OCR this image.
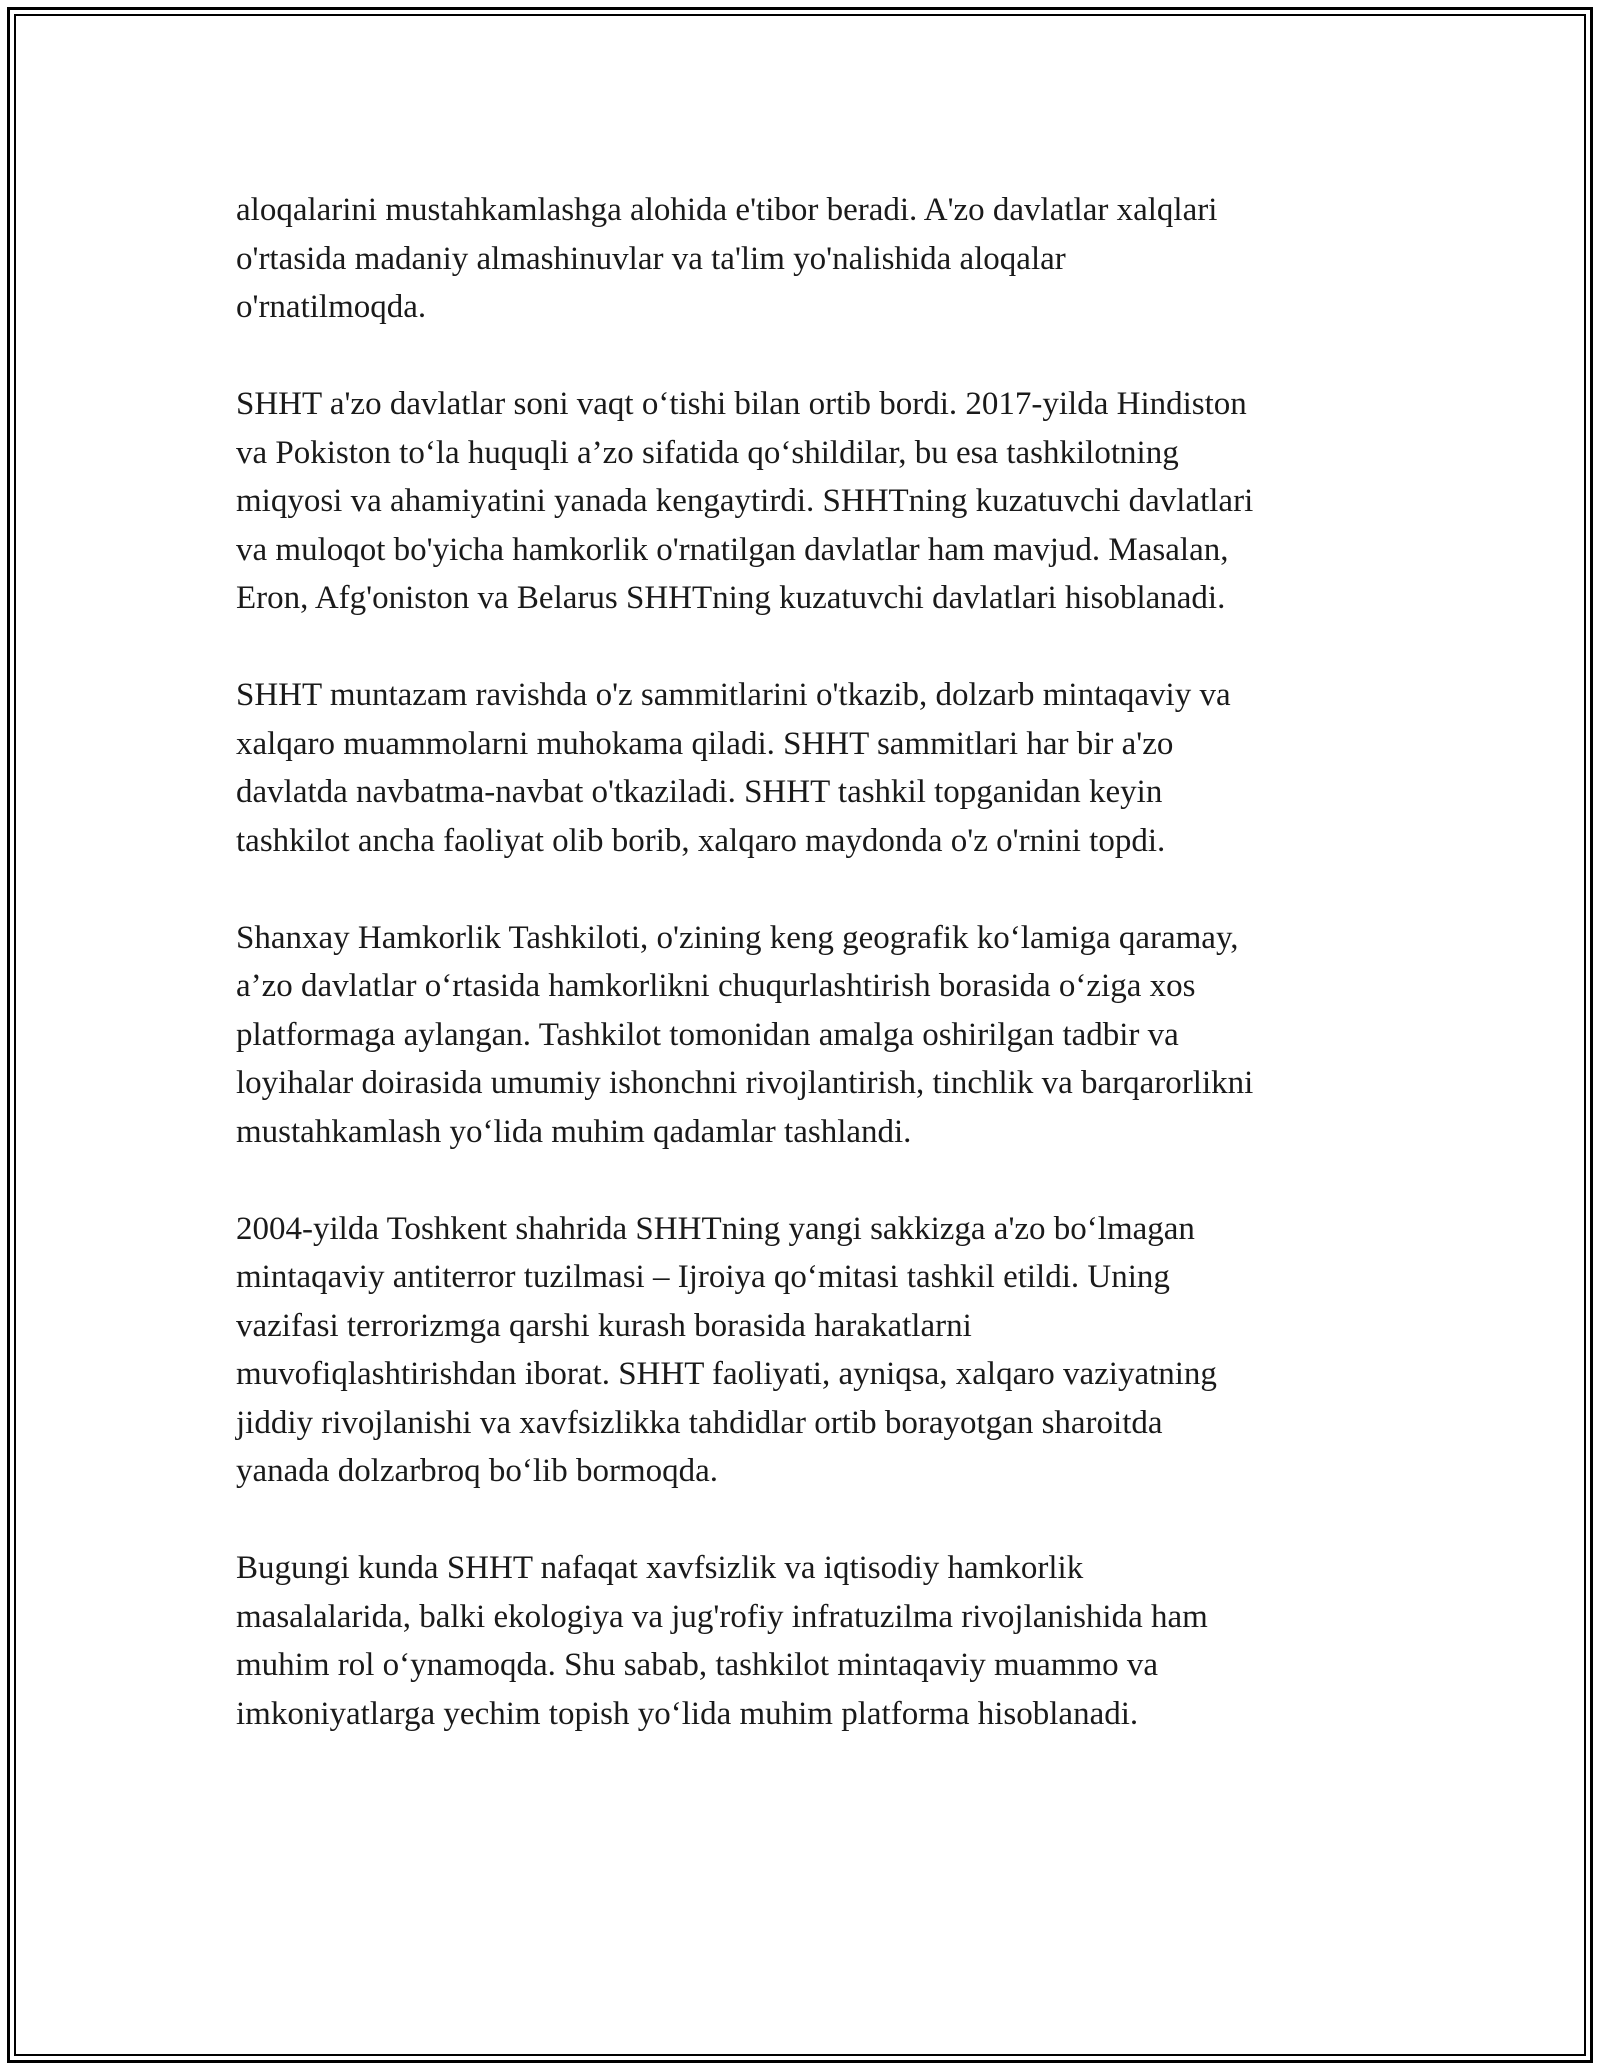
aloqalarini mustahkamlashga alohida e'tibor beradi. A'zo davlatlar xalqlari
o'rtasida madaniy almashinuvlar va ta'lim yo'nalishida aloqalar
o'rnatilmoqda.

SHHT a'zo davlatlar soni vaqt o‘tishi bilan ortib bordi. 2017-yilda Hindiston
va Pokiston to‘la huquqli a’zo sifatida qo‘shildilar, bu esa tashkilotning
miqyosi va ahamiyatini yanada kengaytirdi. SHHTning kuzatuvchi davlatlari
va muloqot bo'yicha hamkorlik o'rnatilgan davlatlar ham mavjud. Masalan,
Eron, Afg'oniston va Belarus SHHTning kuzatuvchi davlatlari hisoblanadi.

SHHT muntazam ravishda o'z sammitlarini o'tkazib, dolzarb mintaqaviy va
xalqaro muammolarni muhokama qiladi. SHHT sammitlari har bir a'zo
davlatda navbatma-navbat o'tkaziladi. SHHT tashkil topganidan keyin
tashkilot ancha faoliyat olib borib, xalqaro maydonda o'z o'rnini topdi.

Shanxay Hamkorlik Tashkiloti, o'zining keng geografik ko‘lamiga qaramay,
a’zo davlatlar o‘rtasida hamkorlikni chuqurlashtirish borasida o‘ziga xos
platformaga aylangan. Tashkilot tomonidan amalga oshirilgan tadbir va
loyihalar doirasida umumiy ishonchni rivojlantirish, tinchlik va barqarorlikni
mustahkamlash yo‘lida muhim qadamlar tashlandi.

2004-yilda Toshkent shahrida SHHTning yangi sakkizga a'zo bo‘lmagan
mintaqaviy antiterror tuzilmasi – Ijroiya qo‘mitasi tashkil etildi. Uning
vazifasi terrorizmga qarshi kurash borasida harakatlarni
muvofiqlashtirishdan iborat. SHHT faoliyati, ayniqsa, xalqaro vaziyatning
jiddiy rivojlanishi va xavfsizlikka tahdidlar ortib borayotgan sharoitda
yanada dolzarbroq bo‘lib bormoqda.

Bugungi kunda SHHT nafaqat xavfsizlik va iqtisodiy hamkorlik
masalalarida, balki ekologiya va jug'rofiy infratuzilma rivojlanishida ham
muhim rol o‘ynamoqda. Shu sabab, tashkilot mintaqaviy muammo va
imkoniyatlarga yechim topish yo‘lida muhim platforma hisoblanadi.
